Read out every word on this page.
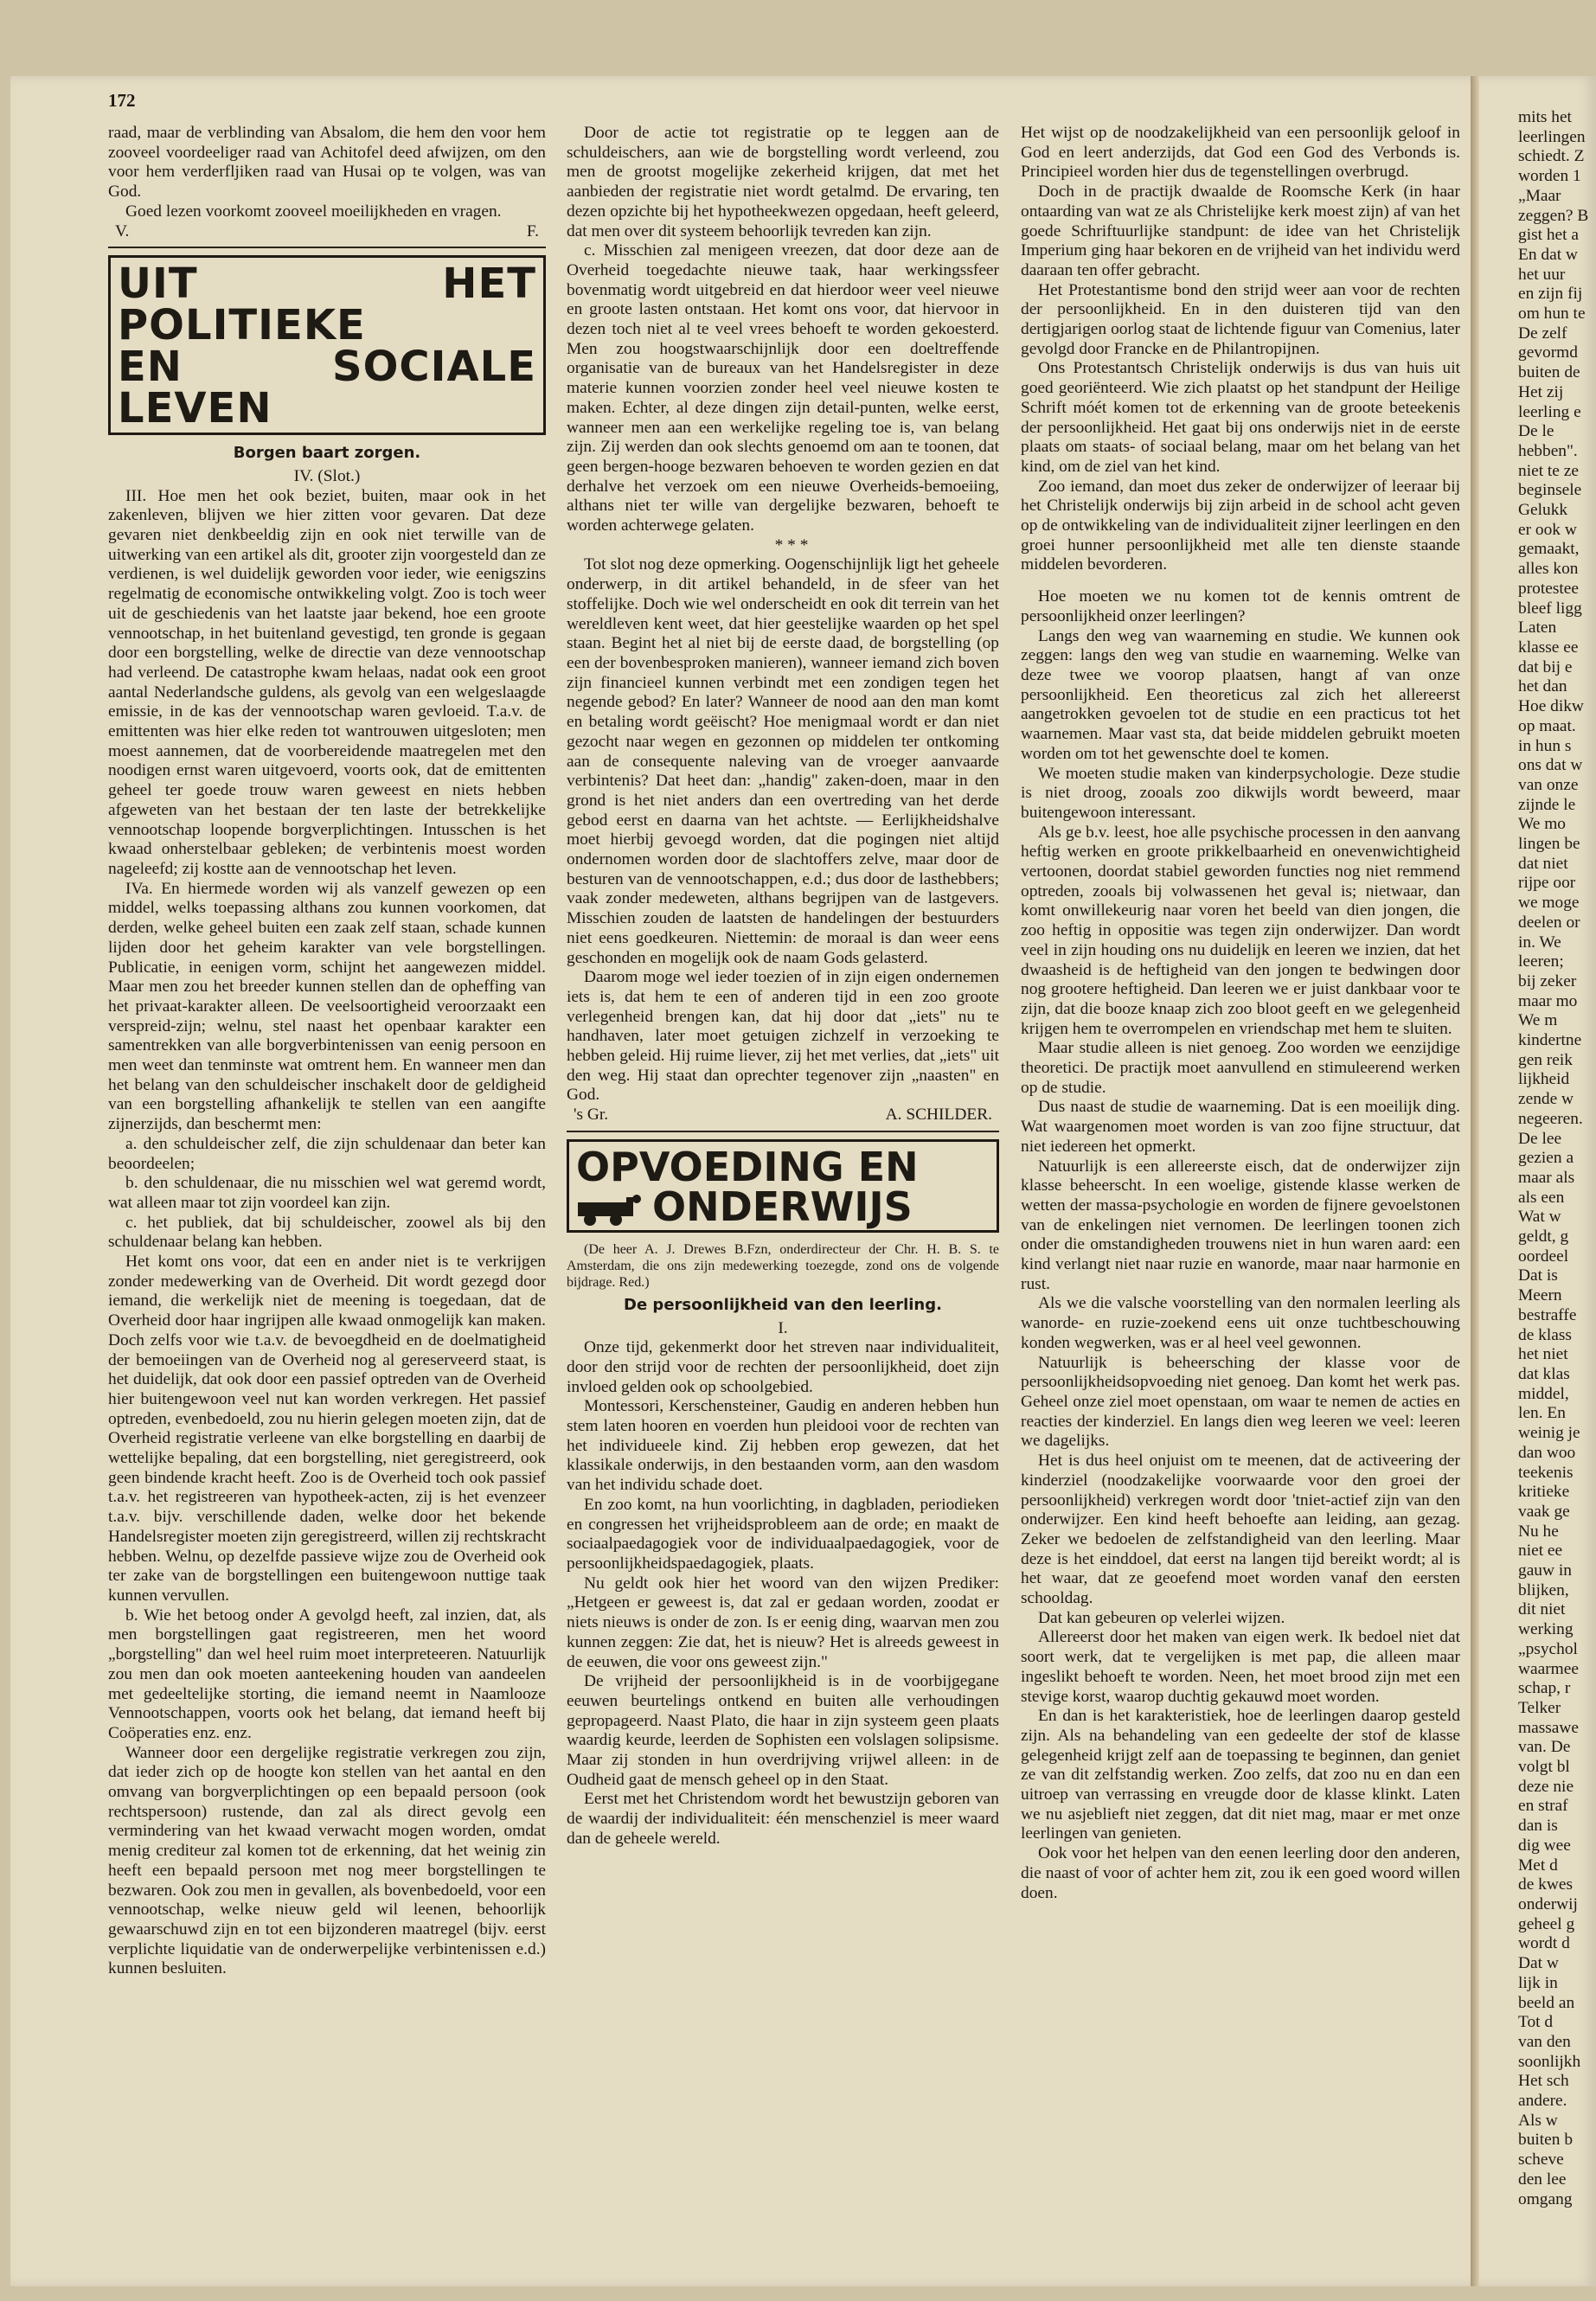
172

raad, maar de verblinding van Absalom, die hem den voor hem zooveel voordeeliger raad van Achitofel deed afwijzen, om den voor hem verderfljiken raad van Husai op te volgen, was van God.

Goed lezen voorkomt zooveel moeilijkheden en vragen.

V.	F.
UIT HET POLITIEKE
EN SOCIALE LEVEN
Borgen baart zorgen.

IV. (Slot.)

III. Hoe men het ook beziet, buiten, maar ook in het zakenleven, blijven we hier zitten voor gevaren. Dat deze gevaren niet denkbeeldig zijn en ook niet terwille van de uitwerking van een artikel als dit, grooter zijn voorgesteld dan ze verdienen, is wel duidelijk geworden voor ieder, wie eenigszins regelmatig de economische ontwikkeling volgt. Zoo is toch weer uit de geschiedenis van het laatste jaar bekend, hoe een groote vennootschap, in het buitenland gevestigd, ten gronde is gegaan door een borgstelling, welke de directie van deze vennootschap had verleend. De catastrophe kwam helaas, nadat ook een groot aantal Nederlandsche guldens, als gevolg van een welgeslaagde emissie, in de kas der vennootschap waren gevloeid. T.a.v. de emittenten was hier elke reden tot wantrouwen uitgesloten; men moest aannemen, dat de voorbereidende maatregelen met den noodigen ernst waren uitgevoerd, voorts ook, dat de emittenten geheel ter goede trouw waren geweest en niets hebben afgeweten van het bestaan der ten laste der betrekkelijke vennootschap loopende borgverplichtingen. Intusschen is het kwaad onherstelbaar gebleken; de verbintenis moest worden nageleefd; zij kostte aan de vennootschap het leven.

IVa. En hiermede worden wij als vanzelf gewezen op een middel, welks toepassing althans zou kunnen voorkomen, dat derden, welke geheel buiten een zaak zelf staan, schade kunnen lijden door het geheim karakter van vele borgstellingen. Publicatie, in eenigen vorm, schijnt het aangewezen middel. Maar men zou het breeder kunnen stellen dan de opheffing van het privaat-karakter alleen. De veelsoortigheid veroorzaakt een verspreid-zijn; welnu, stel naast het openbaar karakter een samentrekken van alle borgverbintenissen van eenig persoon en men weet dan tenminste wat omtrent hem. En wanneer men dan het belang van den schuldeischer inschakelt door de geldigheid van een borgstelling afhankelijk te stellen van een aangifte zijnerzijds, dan beschermt men:

a. den schuldeischer zelf, die zijn schuldenaar dan beter kan beoordeelen;

b. den schuldenaar, die nu misschien wel wat geremd wordt, wat alleen maar tot zijn voordeel kan zijn.

c. het publiek, dat bij schuldeischer, zoowel als bij den schuldenaar belang kan hebben.

Het komt ons voor, dat een en ander niet is te verkrijgen zonder medewerking van de Overheid. Dit wordt gezegd door iemand, die werkelijk niet de meening is toegedaan, dat de Overheid door haar ingrijpen alle kwaad onmogelijk kan maken. Doch zelfs voor wie t.a.v. de bevoegdheid en de doelmatigheid der bemoeiingen van de Overheid nog al gereserveerd staat, is het duidelijk, dat ook door een passief optreden van de Overheid hier buitengewoon veel nut kan worden verkregen. Het passief optreden, evenbedoeld, zou nu hierin gelegen moeten zijn, dat de Overheid registratie verleene van elke borgstelling en daarbij de wettelijke bepaling, dat een borgstelling, niet geregistreerd, ook geen bindende kracht heeft. Zoo is de Overheid toch ook passief t.a.v. het registreeren van hypotheek-acten, zij is het evenzeer t.a.v. bijv. verschillende daden, welke door het bekende Handelsregister moeten zijn geregistreerd, willen zij rechtskracht hebben. Welnu, op dezelfde passieve wijze zou de Overheid ook ter zake van de borgstellingen een buitengewoon nuttige taak kunnen vervullen.

b. Wie het betoog onder A gevolgd heeft, zal inzien, dat, als men borgstellingen gaat registreeren, men het woord „borgstelling" dan wel heel ruim moet interpreteeren. Natuurlijk zou men dan ook moeten aanteekening houden van aandeelen met gedeeltelijke storting, die iemand neemt in Naamlooze Vennootschappen, voorts ook het belang, dat iemand heeft bij Coöperaties enz. enz.

Wanneer door een dergelijke registratie verkregen zou zijn, dat ieder zich op de hoogte kon stellen van het aantal en den omvang van borgverplichtingen op een bepaald persoon (ook rechtspersoon) rustende, dan zal als direct gevolg een vermindering van het kwaad verwacht mogen worden, omdat menig crediteur zal komen tot de erkenning, dat het weinig zin heeft een bepaald persoon met nog meer borgstellingen te bezwaren. Ook zou men in gevallen, als bovenbedoeld, voor een vennootschap, welke nieuw geld wil leenen, behoorlijk gewaarschuwd zijn en tot een bijzonderen maatregel (bijv. eerst verplichte liquidatie van de onderwerpelijke verbintenissen e.d.) kunnen besluiten.

Door de actie tot registratie op te leggen aan de schuldeischers, aan wie de borgstelling wordt verleend, zou men de grootst mogelijke zekerheid krijgen, dat met het aanbieden der registratie niet wordt getalmd. De ervaring, ten dezen opzichte bij het hypotheekwezen opgedaan, heeft geleerd, dat men over dit systeem behoorlijk tevreden kan zijn.

c. Misschien zal menigeen vreezen, dat door deze aan de Overheid toegedachte nieuwe taak, haar werkingssfeer bovenmatig wordt uitgebreid en dat hierdoor weer veel nieuwe en groote lasten ontstaan. Het komt ons voor, dat hiervoor in dezen toch niet al te veel vrees behoeft te worden gekoesterd. Men zou hoogstwaarschijnlijk door een doeltreffende organisatie van de bureaux van het Handelsregister in deze materie kunnen voorzien zonder heel veel nieuwe kosten te maken. Echter, al deze dingen zijn detail-punten, welke eerst, wanneer men aan een werkelijke regeling toe is, van belang zijn. Zij werden dan ook slechts genoemd om aan te toonen, dat geen bergen-hooge bezwaren behoeven te worden gezien en dat derhalve het verzoek om een nieuwe Overheids-bemoeiing, althans niet ter wille van dergelijke bezwaren, behoeft te worden achterwege gelaten.

* * *

Tot slot nog deze opmerking. Oogenschijnlijk ligt het geheele onderwerp, in dit artikel behandeld, in de sfeer van het stoffelijke. Doch wie wel onderscheidt en ook dit terrein van het wereldleven kent weet, dat hier geestelijke waarden op het spel staan. Begint het al niet bij de eerste daad, de borgstelling (op een der bovenbesproken manieren), wanneer iemand zich boven zijn financieel kunnen verbindt met een zondigen tegen het negende gebod? En later? Wanneer de nood aan den man komt en betaling wordt geëischt? Hoe menigmaal wordt er dan niet gezocht naar wegen en gezonnen op middelen ter ontkoming aan de consequente naleving van de vroeger aanvaarde verbintenis? Dat heet dan: „handig" zaken-doen, maar in den grond is het niet anders dan een overtreding van het derde gebod eerst en daarna van het achtste. — Eerlijkheidshalve moet hierbij gevoegd worden, dat die pogingen niet altijd ondernomen worden door de slachtoffers zelve, maar door de besturen van de vennootschappen, e.d.; dus door de lasthebbers; vaak zonder medeweten, althans begrijpen van de lastgevers. Misschien zouden de laatsten de handelingen der bestuurders niet eens goedkeuren. Niettemin: de moraal is dan weer eens geschonden en mogelijk ook de naam Gods gelasterd.

Daarom moge wel ieder toezien of in zijn eigen ondernemen iets is, dat hem te een of anderen tijd in een zoo groote verlegenheid brengen kan, dat hij door dat „iets" nu te handhaven, later moet getuigen zichzelf in verzoeking te hebben geleid. Hij ruime liever, zij het met verlies, dat „iets" uit den weg. Hij staat dan oprechter tegenover zijn „naasten" en God.

's Gr.	A. SCHILDER.
OPVOEDING EN
ONDERWIJS

(De heer A. J. Drewes B.Fzn, onderdirecteur der Chr. H. B. S. te Amsterdam, die ons zijn medewerking toezegde, zond ons de volgende bijdrage. Red.)

De persoonlijkheid van den leerling.

I.

Onze tijd, gekenmerkt door het streven naar individualiteit, door den strijd voor de rechten der persoonlijkheid, doet zijn invloed gelden ook op schoolgebied.

Montessori, Kerschensteiner, Gaudig en anderen hebben hun stem laten hooren en voerden hun pleidooi voor de rechten van het individueele kind. Zij hebben erop gewezen, dat het klassikale onderwijs, in den bestaanden vorm, aan den wasdom van het individu schade doet.

En zoo komt, na hun voorlichting, in dagbladen, periodieken en congressen het vrijheidsprobleem aan de orde; en maakt de sociaalpaedagogiek voor de individuaalpaedagogiek, voor de persoonlijkheidspaedagogiek, plaats.

Nu geldt ook hier het woord van den wijzen Prediker: „Hetgeen er geweest is, dat zal er gedaan worden, zoodat er niets nieuws is onder de zon. Is er eenig ding, waarvan men zou kunnen zeggen: Zie dat, het is nieuw? Het is alreeds geweest in de eeuwen, die voor ons geweest zijn."

De vrijheid der persoonlijkheid is in de voorbijgegane eeuwen beurtelings ontkend en buiten alle verhoudingen gepropageerd. Naast Plato, die haar in zijn systeem geen plaats waardig keurde, leerden de Sophisten een volslagen solipsisme. Maar zij stonden in hun overdrijving vrijwel alleen: in de Oudheid gaat de mensch geheel op in den Staat.

Eerst met het Christendom wordt het bewustzijn geboren van de waardij der individualiteit: één menschenziel is meer waard dan de geheele wereld.

Het wijst op de noodzakelijkheid van een persoonlijk geloof in God en leert anderzijds, dat God een God des Verbonds is. Principieel worden hier dus de tegenstellingen overbrugd.

Doch in de practijk dwaalde de Roomsche Kerk (in haar ontaarding van wat ze als Christelijke kerk moest zijn) af van het goede Schriftuurlijke standpunt: de idee van het Christelijk Imperium ging haar bekoren en de vrijheid van het individu werd daaraan ten offer gebracht.

Het Protestantisme bond den strijd weer aan voor de rechten der persoonlijkheid. En in den duisteren tijd van den dertigjarigen oorlog staat de lichtende figuur van Comenius, later gevolgd door Francke en de Philantropijnen.

Ons Protestantsch Christelijk onderwijs is dus van huis uit goed georiënteerd. Wie zich plaatst op het standpunt der Heilige Schrift móét komen tot de erkenning van de groote beteekenis der persoonlijkheid. Het gaat bij ons onderwijs niet in de eerste plaats om staats- of sociaal belang, maar om het belang van het kind, om de ziel van het kind.

Zoo iemand, dan moet dus zeker de onderwijzer of leeraar bij het Christelijk onderwijs bij zijn arbeid in de school acht geven op de ontwikkeling van de individualiteit zijner leerlingen en den groei hunner persoonlijkheid met alle ten dienste staande middelen bevorderen.

Hoe moeten we nu komen tot de kennis omtrent de persoonlijkheid onzer leerlingen?

Langs den weg van waarneming en studie. We kunnen ook zeggen: langs den weg van studie en waarneming. Welke van deze twee we voorop plaatsen, hangt af van onze persoonlijkheid. Een theoreticus zal zich het allereerst aangetrokken gevoelen tot de studie en een practicus tot het waarnemen. Maar vast sta, dat beide middelen gebruikt moeten worden om tot het gewenschte doel te komen.

We moeten studie maken van kinderpsychologie. Deze studie is niet droog, zooals zoo dikwijls wordt beweerd, maar buitengewoon interessant.

Als ge b.v. leest, hoe alle psychische processen in den aanvang heftig werken en groote prikkelbaarheid en onevenwichtigheid vertoonen, doordat stabiel geworden functies nog niet remmend optreden, zooals bij volwassenen het geval is; nietwaar, dan komt onwillekeurig naar voren het beeld van dien jongen, die zoo heftig in oppositie was tegen zijn onderwijzer. Dan wordt veel in zijn houding ons nu duidelijk en leeren we inzien, dat het dwaasheid is de heftigheid van den jongen te bedwingen door nog grootere heftigheid. Dan leeren we er juist dankbaar voor te zijn, dat die booze knaap zich zoo bloot geeft en we gelegenheid krijgen hem te overrompelen en vriendschap met hem te sluiten.

Maar studie alleen is niet genoeg. Zoo worden we eenzijdige theoretici. De practijk moet aanvullend en stimuleerend werken op de studie.

Dus naast de studie de waarneming. Dat is een moeilijk ding. Wat waargenomen moet worden is van zoo fijne structuur, dat niet iedereen het opmerkt.

Natuurlijk is een allereerste eisch, dat de onderwijzer zijn klasse beheerscht. In een woelige, gistende klasse werken de wetten der massa-psychologie en worden de fijnere gevoelstonen van de enkelingen niet vernomen. De leerlingen toonen zich onder die omstandigheden trouwens niet in hun waren aard: een kind verlangt niet naar ruzie en wanorde, maar naar harmonie en rust.

Als we die valsche voorstelling van den normalen leerling als wanorde- en ruzie-zoekend eens uit onze tuchtbeschouwing konden wegwerken, was er al heel veel gewonnen.

Natuurlijk is beheersching der klasse voor de persoonlijkheidsopvoeding niet genoeg. Dan komt het werk pas. Geheel onze ziel moet openstaan, om waar te nemen de acties en reacties der kinderziel. En langs dien weg leeren we veel: leeren we dagelijks.

Het is dus heel onjuist om te meenen, dat de activeering der kinderziel (noodzakelijke voorwaarde voor den groei der persoonlijkheid) verkregen wordt door 'tniet-actief zijn van den onderwijzer. Een kind heeft behoefte aan leiding, aan gezag. Zeker we bedoelen de zelfstandigheid van den leerling. Maar deze is het einddoel, dat eerst na langen tijd bereikt wordt; al is het waar, dat ze geoefend moet worden vanaf den eersten schooldag.

Dat kan gebeuren op velerlei wijzen.

Allereerst door het maken van eigen werk. Ik bedoel niet dat soort werk, dat te vergelijken is met pap, die alleen maar ingeslikt behoeft te worden. Neen, het moet brood zijn met een stevige korst, waarop duchtig gekauwd moet worden.

En dan is het karakteristiek, hoe de leerlingen daarop gesteld zijn. Als na behandeling van een gedeelte der stof de klasse gelegenheid krijgt zelf aan de toepassing te beginnen, dan geniet ze van dit zelfstandig werken. Zoo zelfs, dat zoo nu en dan een uitroep van verrassing en vreugde door de klasse klinkt. Laten we nu asjeblieft niet zeggen, dat dit niet mag, maar er met onze leerlingen van genieten.

Ook voor het helpen van den eenen leerling door den anderen, die naast of voor of achter hem zit, zou ik een goed woord willen doen.

mits het

leerlingen

schiedt. Z

worden 1

„Maar

zeggen? B

gist het a

En dat w

het uur

en zijn fij

om hun te

De zelf

gevormd

buiten de

Het zij

leerling e

De le

hebben".

niet te ze

beginsele

Gelukk

er ook w

gemaakt,

alles kon

protestee

bleef ligg

Laten

klasse ee

dat bij e

het dan

Hoe dikw

op maat.

in hun s

ons dat w

van onze

zijnde le

We mo

lingen be

dat niet

rijpe oor

we moge

deelen or

in. We

leeren;

bij zeker

maar mo

We m

kindertne

gen reik

lijkheid

zende w

negeeren.

De lee

gezien a

maar als

als een

Wat w

geldt, g

oordeel

Dat is

Meern

bestraffe

de klass

het niet

dat klas

middel,

len. En

weinig je

dan woo

teekenis

kritieke

vaak ge

Nu he

niet ee

gauw in

blijken,

dit niet

werking

„psychol

waarmee

schap, r

Telker

massawe

van. De

volgt bl

deze nie

en straf

dan is

dig wee

Met d

de kwes

onderwij

geheel g

wordt d

Dat w

lijk in

beeld an

Tot d

van den

soonlijkh

Het sch

andere.

Als w

buiten b

scheve

den lee

omgang
